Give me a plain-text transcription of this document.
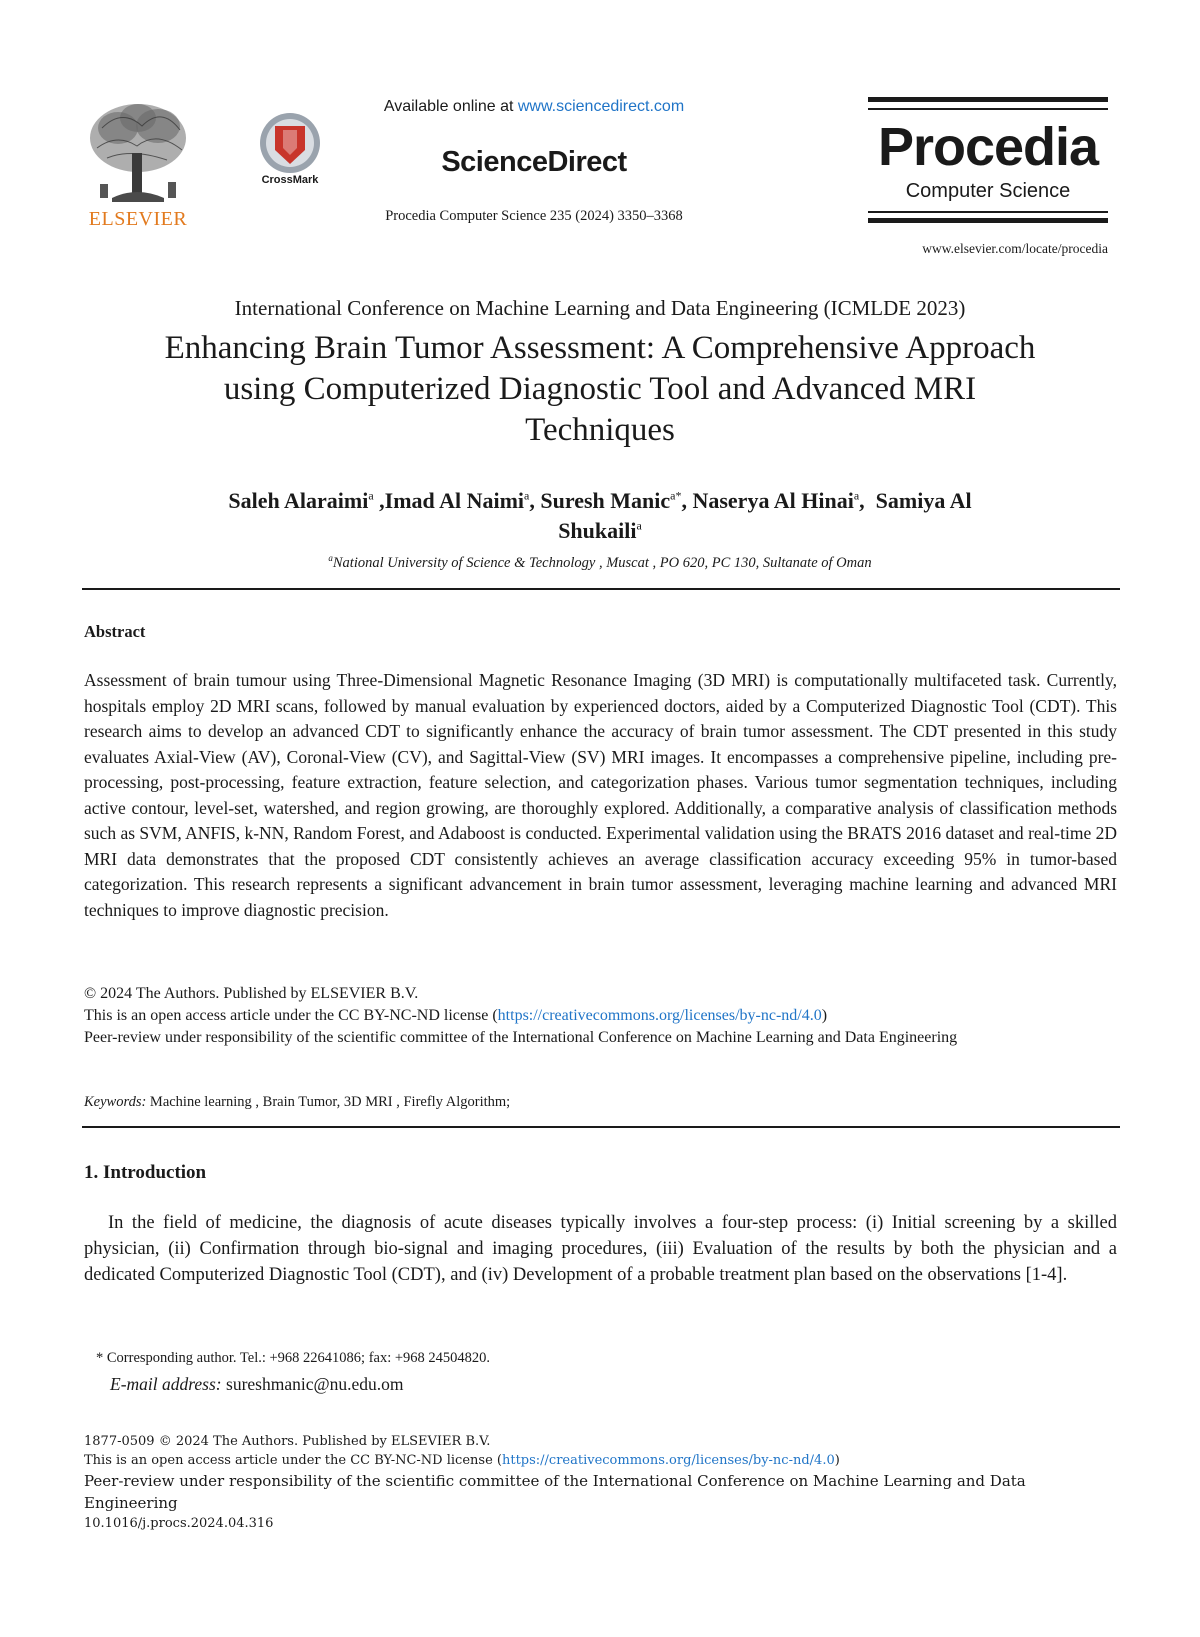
ELSEVIER
CrossMark
Available online at www.sciencedirect.com
ScienceDirect
Procedia Computer Science 235 (2024) 3350–3368
Procedia
Computer Science
www.elsevier.com/locate/procedia
International Conference on Machine Learning and Data Engineering (ICMLDE 2023)
Enhancing Brain Tumor Assessment: A Comprehensive Approach
using Computerized Diagnostic Tool and Advanced MRI
Techniques
Saleh Alaraimi$^a$ ,Imad Al Naimi$^a$, Suresh Manic$^{a*}$, Naserya Al Hinai$^a$,  Samiya Al
Shukaili$^a$
$^a$National University of Science & Technology , Muscat , PO 620, PC 130, Sultanate of Oman
Abstract
Assessment of brain tumour using Three-Dimensional Magnetic Resonance Imaging (3D MRI) is computationally multifaceted task. Currently, hospitals employ 2D MRI scans, followed by manual evaluation by experienced doctors, aided by a Computerized Diagnostic Tool (CDT). This research aims to develop an advanced CDT to significantly enhance the accuracy of brain tumor assessment. The CDT presented in this study evaluates Axial-View (AV), Coronal-View (CV), and Sagittal-View (SV) MRI images. It encompasses a comprehensive pipeline, including pre-processing, post-processing, feature extraction, feature selection, and categorization phases. Various tumor segmentation techniques, including active contour, level-set, watershed, and region growing, are thoroughly explored. Additionally, a comparative analysis of classification methods such as SVM, ANFIS, k-NN, Random Forest, and Adaboost is conducted. Experimental validation using the BRATS 2016 dataset and real-time 2D MRI data demonstrates that the proposed CDT consistently achieves an average classification accuracy exceeding 95% in tumor-based categorization. This research represents a significant advancement in brain tumor assessment, leveraging machine learning and advanced MRI techniques to improve diagnostic precision.
© 2024 The Authors. Published by ELSEVIER B.V.
This is an open access article under the CC BY-NC-ND license (https://creativecommons.org/licenses/by-nc-nd/4.0)
Peer-review under responsibility of the scientific committee of the International Conference on Machine Learning and Data Engineering
Keywords: Machine learning , Brain Tumor, 3D MRI , Firefly Algorithm;
1. Introduction
In the field of medicine, the diagnosis of acute diseases typically involves a four-step process: (i) Initial screening by a skilled physician, (ii) Confirmation through bio-signal and imaging procedures, (iii) Evaluation of the results by both the physician and a dedicated Computerized Diagnostic Tool (CDT), and (iv) Development of a probable treatment plan based on the observations [1-4].
* Corresponding author. Tel.: +968 22641086; fax: +968 24504820.
E-mail address: sureshmanic@nu.edu.om
1877-0509 © 2024 The Authors. Published by ELSEVIER B.V.
This is an open access article under the CC BY-NC-ND license (https://creativecommons.org/licenses/by-nc-nd/4.0)
Peer-review under responsibility of the scientific committee of the International Conference on Machine Learning and Data Engineering
10.1016/j.procs.2024.04.316
